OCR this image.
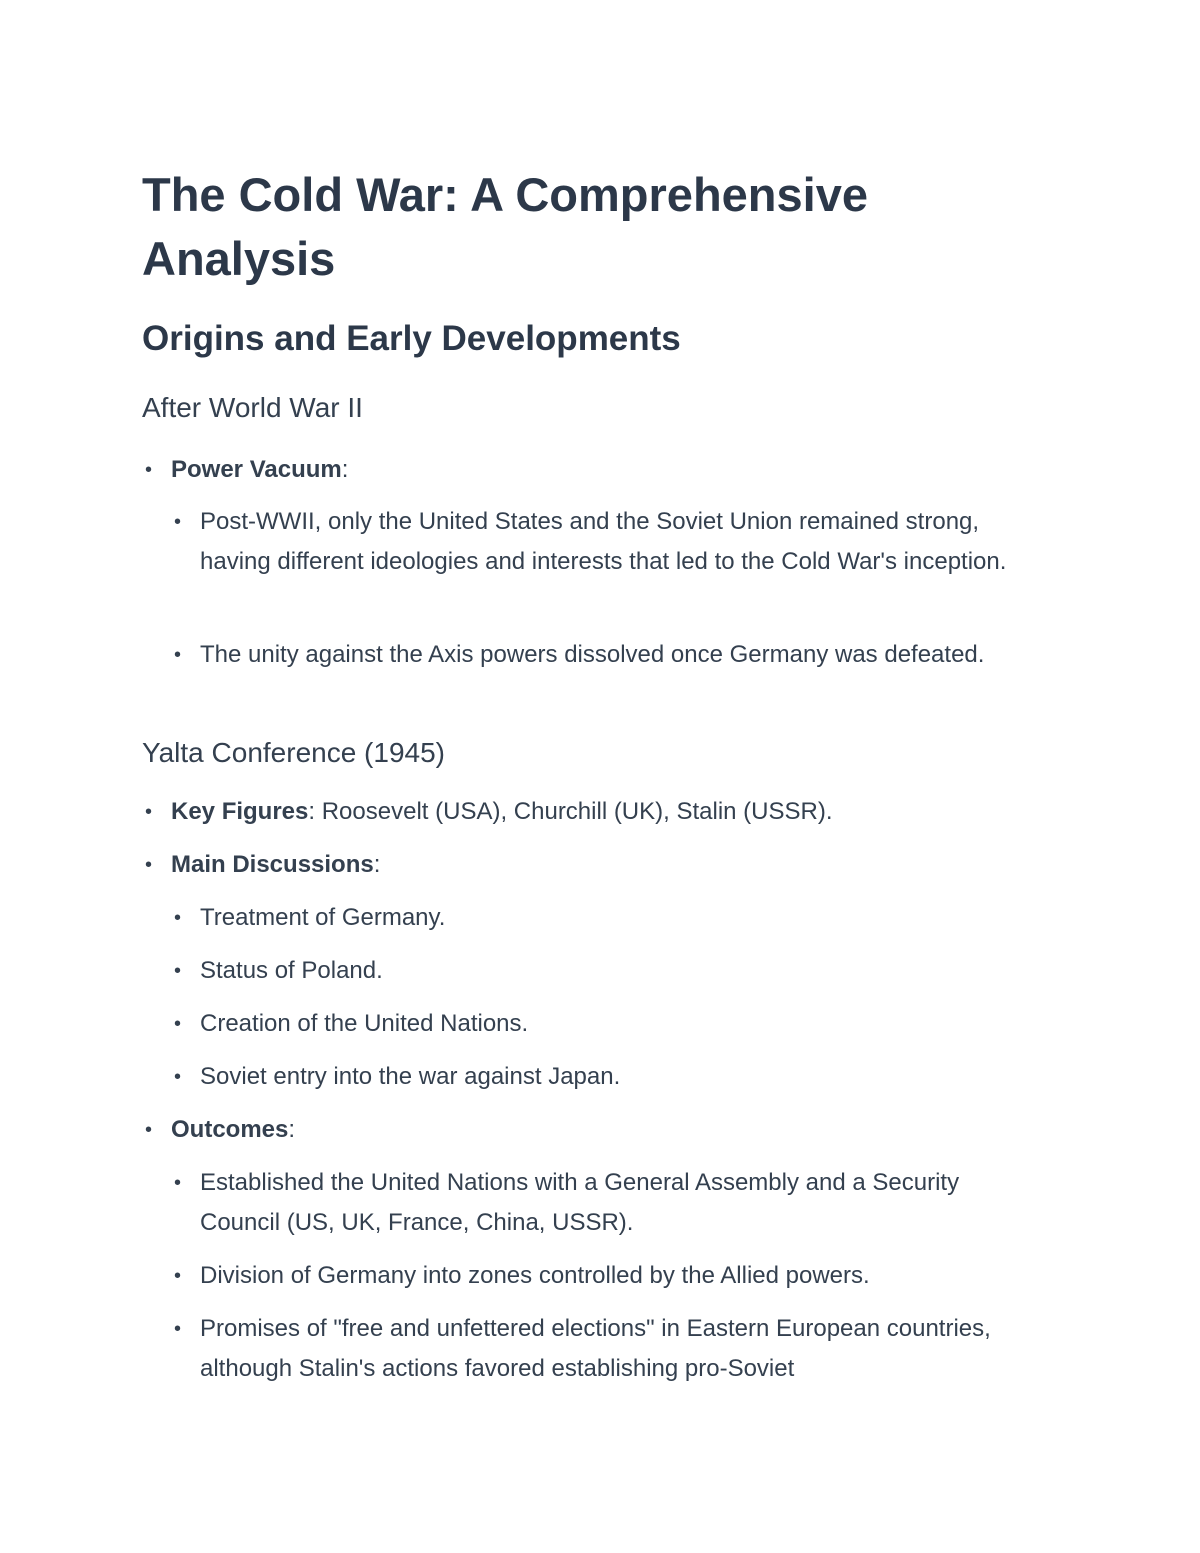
The Cold War: A Comprehensive Analysis
Origins and Early Developments
After World War II
• Power Vacuum:
• Post-WWII, only the United States and the Soviet Union remained strong, having different ideologies and interests that led to the Cold War's inception.
• The unity against the Axis powers dissolved once Germany was defeated.
Yalta Conference (1945)
• Key Figures: Roosevelt (USA), Churchill (UK), Stalin (USSR).
• Main Discussions:
• Treatment of Germany.
• Status of Poland.
• Creation of the United Nations.
• Soviet entry into the war against Japan.
• Outcomes:
• Established the United Nations with a General Assembly and a Security Council (US, UK, France, China, USSR).
• Division of Germany into zones controlled by the Allied powers.
• Promises of "free and unfettered elections" in Eastern European countries, although Stalin's actions favored establishing pro-Soviet
